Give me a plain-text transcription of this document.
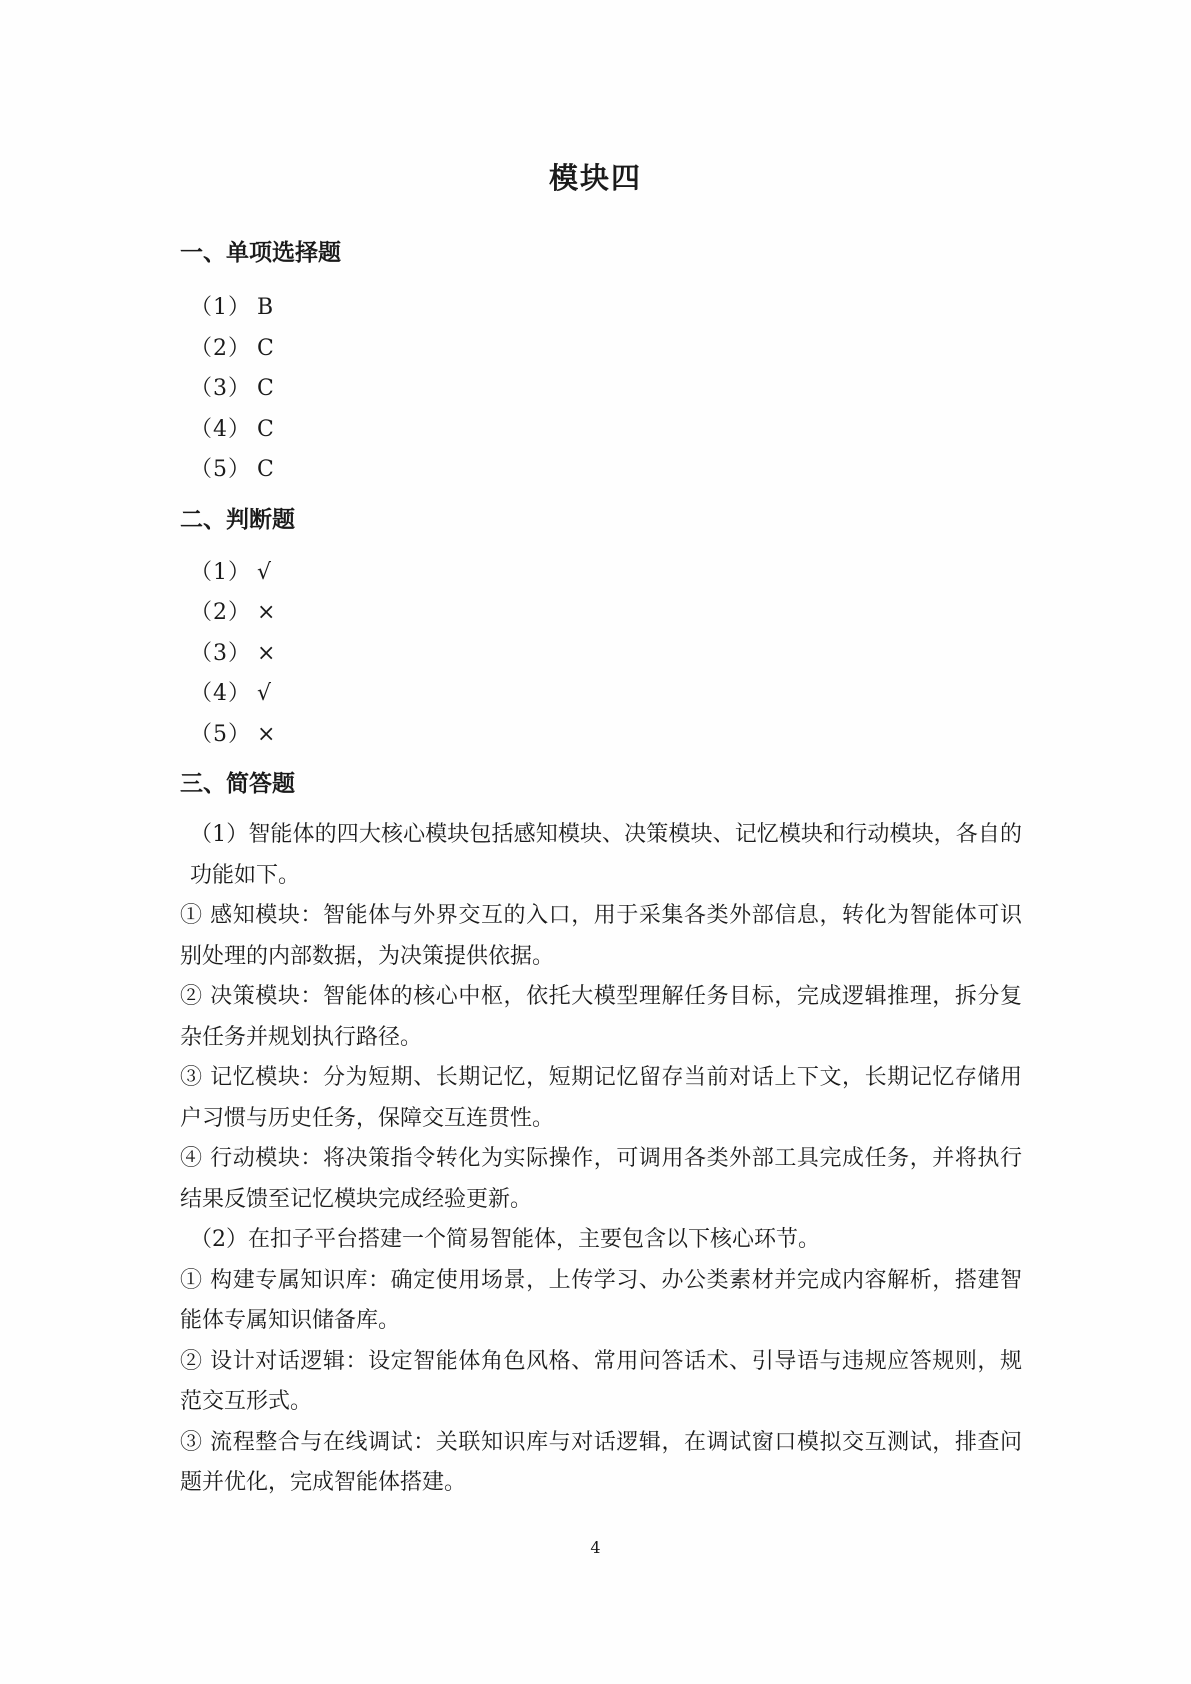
模块四
一、单项选择题
（1） B
（2） C
（3） C
（4） C
（5） C
二、判断题
（1） √
（2） ×
（3） ×
（4） √
（5） ×
三、简答题

（1）智能体的四大核心模块包括感知模块、决策模块、记忆模块和行动模块，各自的功能如下。

① 感知模块：智能体与外界交互的入口，用于采集各类外部信息，转化为智能体可识别处理的内部数据，为决策提供依据。

② 决策模块：智能体的核心中枢，依托大模型理解任务目标，完成逻辑推理，拆分复杂任务并规划执行路径。

③ 记忆模块：分为短期、长期记忆，短期记忆留存当前对话上下文，长期记忆存储用户习惯与历史任务，保障交互连贯性。

④ 行动模块：将决策指令转化为实际操作，可调用各类外部工具完成任务，并将执行结果反馈至记忆模块完成经验更新。

（2）在扣子平台搭建一个简易智能体，主要包含以下核心环节。

① 构建专属知识库：确定使用场景，上传学习、办公类素材并完成内容解析，搭建智能体专属知识储备库。

② 设计对话逻辑：设定智能体角色风格、常用问答话术、引导语与违规应答规则，规范交互形式。

③ 流程整合与在线调试：关联知识库与对话逻辑，在调试窗口模拟交互测试，排查问题并优化，完成智能体搭建。

4
